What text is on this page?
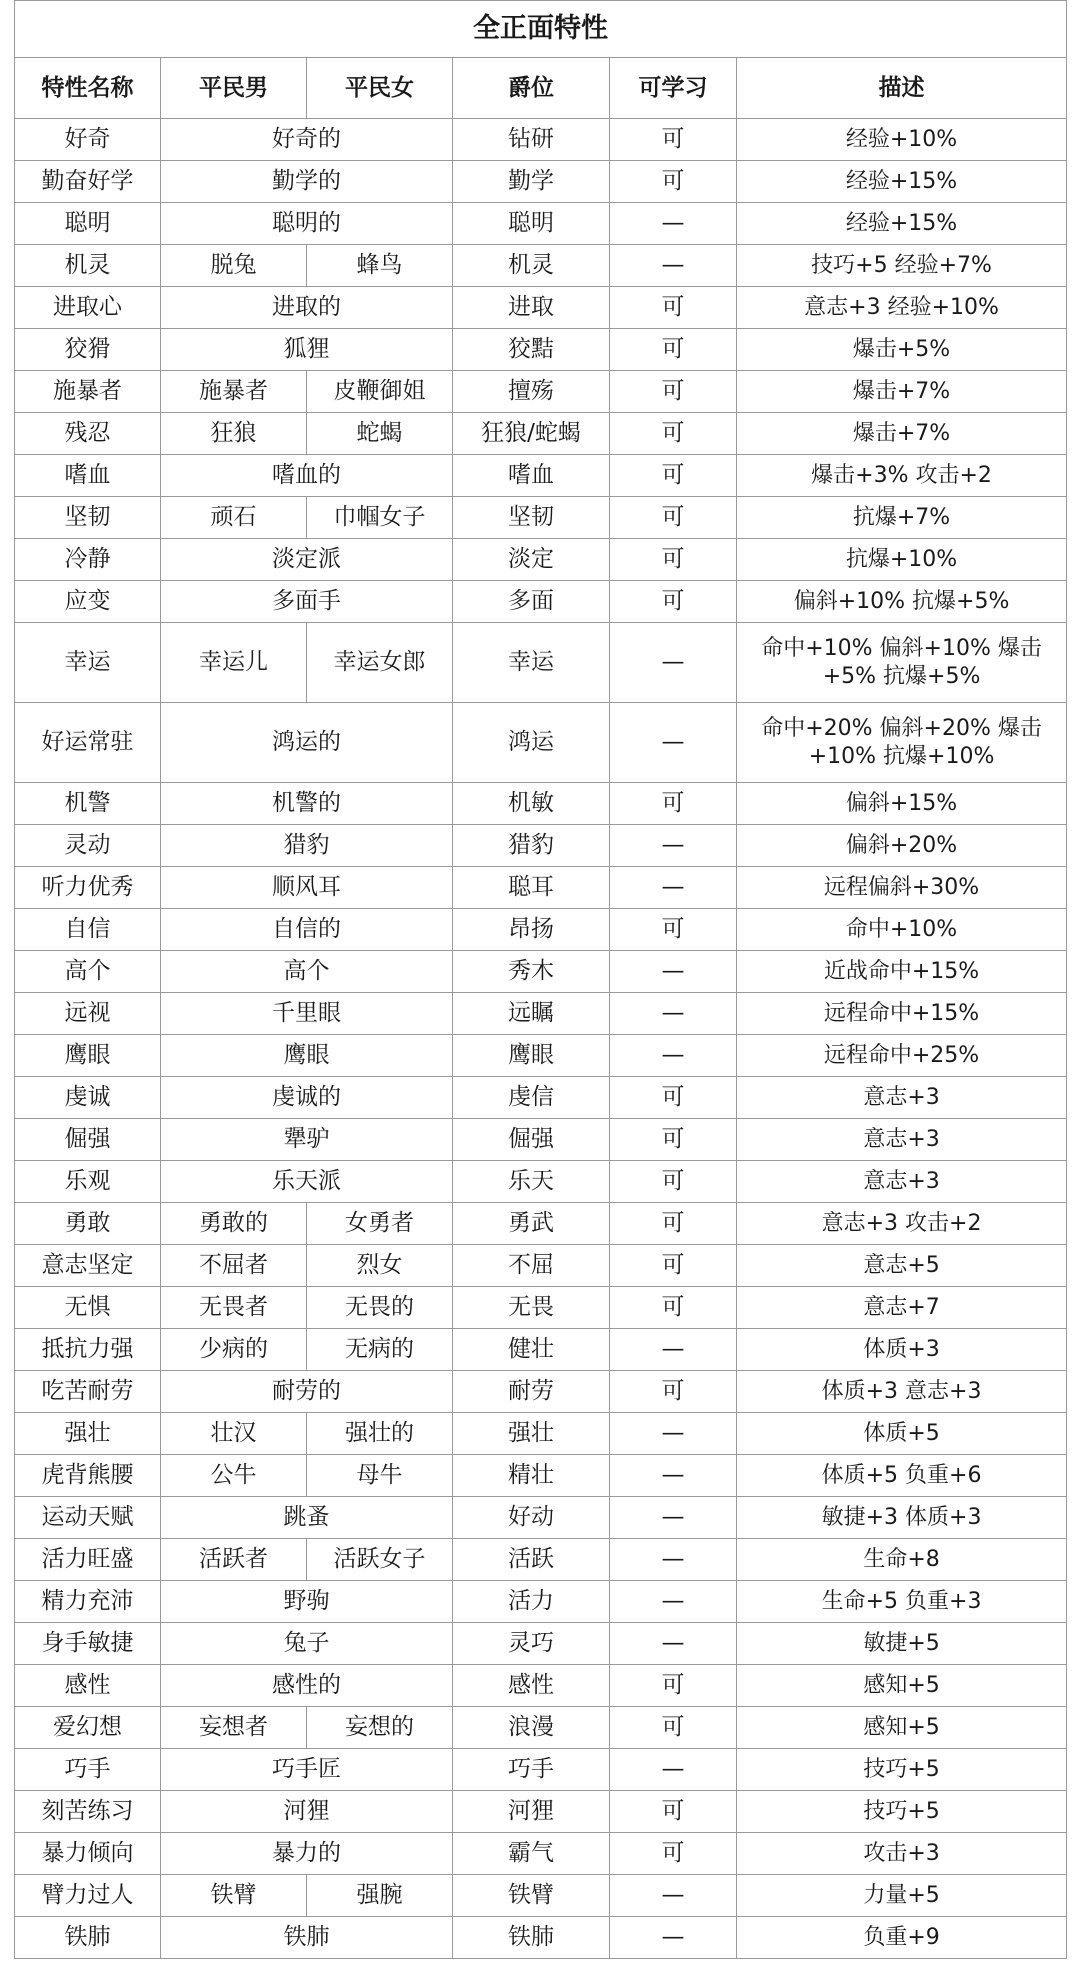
全正面特性					
特性名称	平民男	平民女	爵位	可学习	描述
好奇	好奇的		钻研	可	经验+10%
勤奋好学	勤学的		勤学	可	经验+15%
聪明	聪明的		聪明	—	经验+15%
机灵	脱兔	蜂鸟	机灵	—	技巧+5 经验+7%
进取心	进取的		进取	可	意志+3 经验+10%
狡猾	狐狸		狡黠	可	爆击+5%
施暴者	施暴者	皮鞭御姐	擅殇	可	爆击+7%
残忍	狂狼	蛇蝎	狂狼/蛇蝎	可	爆击+7%
嗜血	嗜血的		嗜血	可	爆击+3% 攻击+2
坚韧	顽石	巾帼女子	坚韧	可	抗爆+7%
冷静	淡定派		淡定	可	抗爆+10%
应变	多面手		多面	可	偏斜+10% 抗爆+5%
幸运	幸运儿	幸运女郎	幸运	—	命中+10% 偏斜+10% 爆击+5% 抗爆+5%
好运常驻	鸿运的		鸿运	—	命中+20% 偏斜+20% 爆击+10% 抗爆+10%
机警	机警的		机敏	可	偏斜+15%
灵动	猎豹		猎豹	—	偏斜+20%
听力优秀	顺风耳		聪耳	—	远程偏斜+30%
自信	自信的		昂扬	可	命中+10%
高个	高个		秀木	—	近战命中+15%
远视	千里眼		远瞩	—	远程命中+15%
鹰眼	鹰眼		鹰眼	—	远程命中+25%
虔诚	虔诚的		虔信	可	意志+3
倔强	犟驴		倔强	可	意志+3
乐观	乐天派		乐天	可	意志+3
勇敢	勇敢的	女勇者	勇武	可	意志+3 攻击+2
意志坚定	不屈者	烈女	不屈	可	意志+5
无惧	无畏者	无畏的	无畏	可	意志+7
抵抗力强	少病的	无病的	健壮	—	体质+3
吃苦耐劳	耐劳的		耐劳	可	体质+3 意志+3
强壮	壮汉	强壮的	强壮	—	体质+5
虎背熊腰	公牛	母牛	精壮	—	体质+5 负重+6
运动天赋	跳蚤		好动	—	敏捷+3 体质+3
活力旺盛	活跃者	活跃女子	活跃	—	生命+8
精力充沛	野驹		活力	—	生命+5 负重+3
身手敏捷	兔子		灵巧	—	敏捷+5
感性	感性的		感性	可	感知+5
爱幻想	妄想者	妄想的	浪漫	可	感知+5
巧手	巧手匠		巧手	—	技巧+5
刻苦练习	河狸		河狸	可	技巧+5
暴力倾向	暴力的		霸气	可	攻击+3
臂力过人	铁臂	强腕	铁臂	—	力量+5
铁肺	铁肺		铁肺	—	负重+9
